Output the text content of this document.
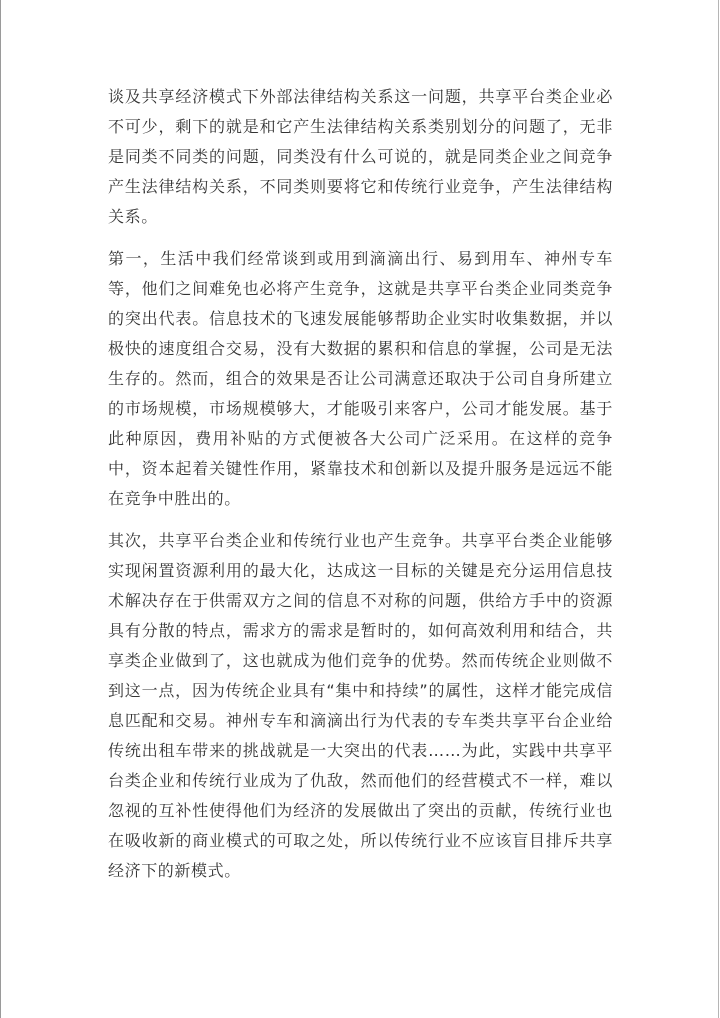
谈及共享经济模式下外部法律结构关系这一问题，共享平台类企业必不可少，剩下的就是和它产生法律结构关系类别划分的问题了，无非是同类不同类的问题，同类没有什么可说的，就是同类企业之间竞争产生法律结构关系，不同类则要将它和传统行业竞争，产生法律结构关系。

第一，生活中我们经常谈到或用到滴滴出行、易到用车、神州专车等，他们之间难免也必将产生竞争，这就是共享平台类企业同类竞争的突出代表。信息技术的飞速发展能够帮助企业实时收集数据，并以极快的速度组合交易，没有大数据的累积和信息的掌握，公司是无法生存的。然而，组合的效果是否让公司满意还取决于公司自身所建立的市场规模，市场规模够大，才能吸引来客户，公司才能发展。基于此种原因，费用补贴的方式便被各大公司广泛采用。在这样的竞争中，资本起着关键性作用，紧靠技术和创新以及提升服务是远远不能在竞争中胜出的。

其次，共享平台类企业和传统行业也产生竞争。共享平台类企业能够实现闲置资源利用的最大化，达成这一目标的关键是充分运用信息技术解决存在于供需双方之间的信息不对称的问题，供给方手中的资源具有分散的特点，需求方的需求是暂时的，如何高效利用和结合，共享类企业做到了，这也就成为他们竞争的优势。然而传统企业则做不到这一点，因为传统企业具有“集中和持续”的属性，这样才能完成信息匹配和交易。神州专车和滴滴出行为代表的专车类共享平台企业给传统出租车带来的挑战就是一大突出的代表……为此，实践中共享平台类企业和传统行业成为了仇敌，然而他们的经营模式不一样，难以忽视的互补性使得他们为经济的发展做出了突出的贡献，传统行业也在吸收新的商业模式的可取之处，所以传统行业不应该盲目排斥共享经济下的新模式。
